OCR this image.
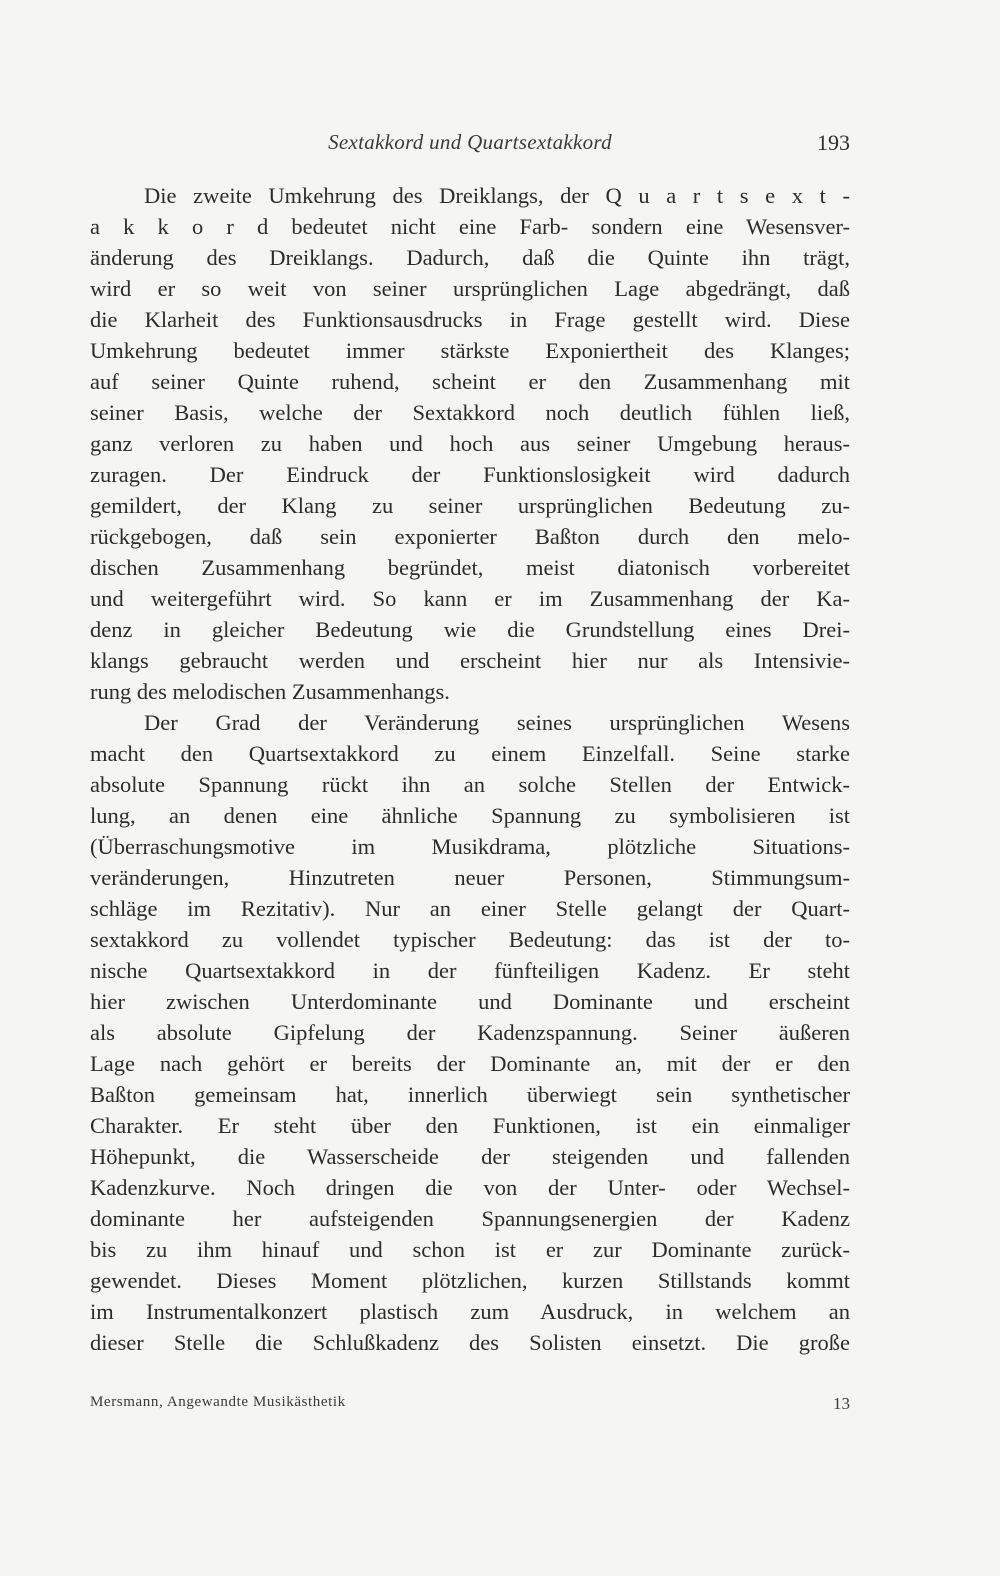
Sextakkord und Quartsextakkord	193
Die zweite Umkehrung des Dreiklangs, der Q u a r t s e x t -
a k k o r d bedeutet nicht eine Farb- sondern eine Wesensver-
änderung des Dreiklangs. Dadurch, daß die Quinte ihn trägt,
wird er so weit von seiner ursprünglichen Lage abgedrängt, daß
die Klarheit des Funktionsausdrucks in Frage gestellt wird. Diese
Umkehrung bedeutet immer stärkste Exponiertheit des Klanges;
auf seiner Quinte ruhend, scheint er den Zusammenhang mit
seiner Basis, welche der Sextakkord noch deutlich fühlen ließ,
ganz verloren zu haben und hoch aus seiner Umgebung heraus-
zuragen. Der Eindruck der Funktionslosigkeit wird dadurch
gemildert, der Klang zu seiner ursprünglichen Bedeutung zu-
rückgebogen, daß sein exponierter Baßton durch den melo-
dischen Zusammenhang begründet, meist diatonisch vorbereitet
und weitergeführt wird. So kann er im Zusammenhang der Ka-
denz in gleicher Bedeutung wie die Grundstellung eines Drei-
klangs gebraucht werden und erscheint hier nur als Intensivie-
rung des melodischen Zusammenhangs.
Der Grad der Veränderung seines ursprünglichen Wesens
macht den Quartsextakkord zu einem Einzelfall. Seine starke
absolute Spannung rückt ihn an solche Stellen der Entwick-
lung, an denen eine ähnliche Spannung zu symbolisieren ist
(Überraschungsmotive im Musikdrama, plötzliche Situations-
veränderungen, Hinzutreten neuer Personen, Stimmungsum-
schläge im Rezitativ). Nur an einer Stelle gelangt der Quart-
sextakkord zu vollendet typischer Bedeutung: das ist der to-
nische Quartsextakkord in der fünfteiligen Kadenz. Er steht
hier zwischen Unterdominante und Dominante und erscheint
als absolute Gipfelung der Kadenzspannung. Seiner äußeren
Lage nach gehört er bereits der Dominante an, mit der er den
Baßton gemeinsam hat, innerlich überwiegt sein synthetischer
Charakter. Er steht über den Funktionen, ist ein einmaliger
Höhepunkt, die Wasserscheide der steigenden und fallenden
Kadenzkurve. Noch dringen die von der Unter- oder Wechsel-
dominante her aufsteigenden Spannungsenergien der Kadenz
bis zu ihm hinauf und schon ist er zur Dominante zurück-
gewendet. Dieses Moment plötzlichen, kurzen Stillstands kommt
im Instrumentalkonzert plastisch zum Ausdruck, in welchem an
dieser Stelle die Schlußkadenz des Solisten einsetzt. Die große
Mersmann, Angewandte Musikästhetik	13
